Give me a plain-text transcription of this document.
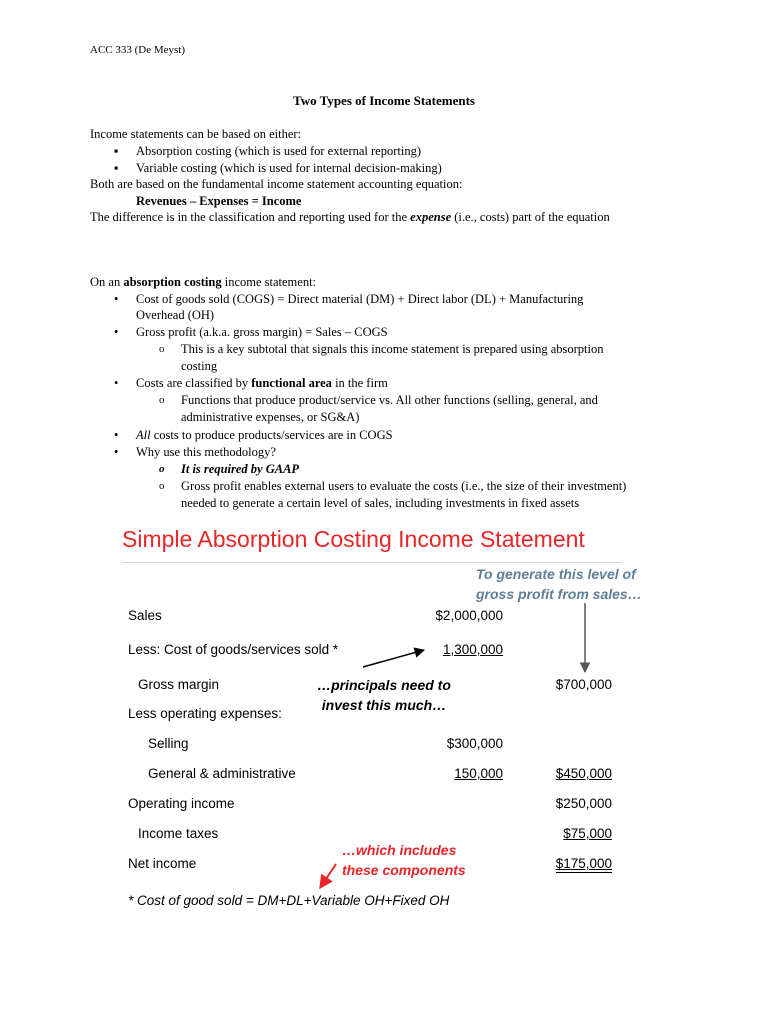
ACC 333 (De Meyst)
Two Types of Income Statements
Income statements can be based on either:
▪ Absorption costing (which is used for external reporting)
▪ Variable costing (which is used for internal decision-making)
Both are based on the fundamental income statement accounting equation:
Revenues – Expenses = Income
The difference is in the classification and reporting used for the expense (i.e., costs) part of the equation
On an absorption costing income statement:
• Cost of goods sold (COGS) = Direct material (DM) + Direct labor (DL) + Manufacturing
Overhead (OH)
• Gross profit (a.k.a. gross margin) = Sales – COGS
o This is a key subtotal that signals this income statement is prepared using absorption
costing
• Costs are classified by functional area in the firm
o Functions that produce product/service vs. All other functions (selling, general, and
administrative expenses, or SG&A)
• All costs to produce products/services are in COGS
• Why use this methodology?
o It is required by GAAP
o Gross profit enables external users to evaluate the costs (i.e., the size of their investment)
needed to generate a certain level of sales, including investments in fixed assets
Simple Absorption Costing Income Statement
To generate this level of
gross profit from sales…
Sales
Less: Cost of goods/services sold *
Gross margin
Less operating expenses:
Selling
General & administrative
Operating income
Income taxes
Net income
$2,000,000
1,300,000
$300,000
150,000
$700,000
$450,000
$250,000
$75,000
$175,000
…principals need to
invest this much…
…which includes
these components
* Cost of good sold = DM+DL+Variable OH+Fixed OH
